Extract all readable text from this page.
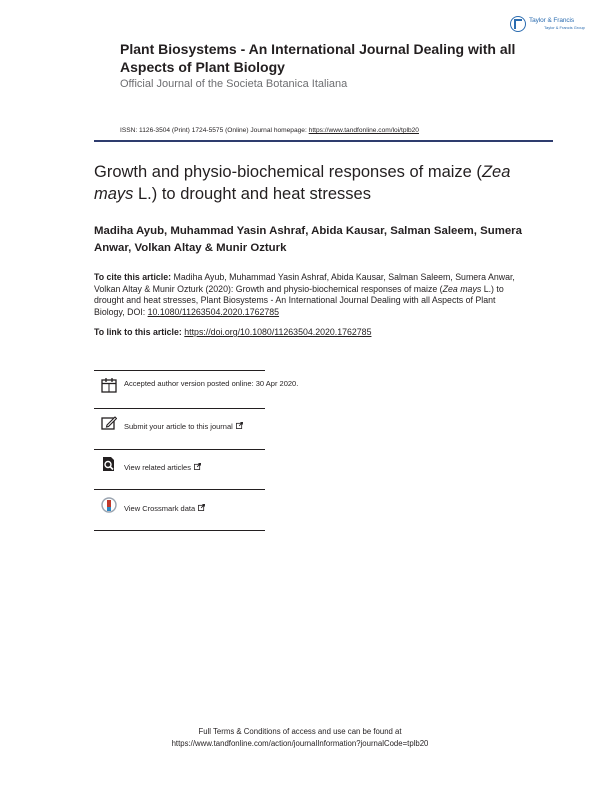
Taylor & Francis
Taylor & Francis Group
Plant Biosystems - An International Journal Dealing with all Aspects of Plant Biology
Official Journal of the Societa Botanica Italiana
ISSN: 1126-3504 (Print) 1724-5575 (Online) Journal homepage: https://www.tandfonline.com/loi/tplb20
Growth and physio-biochemical responses of maize (Zea mays L.) to drought and heat stresses
Madiha Ayub, Muhammad Yasin Ashraf, Abida Kausar, Salman Saleem, Sumera Anwar, Volkan Altay & Munir Ozturk
To cite this article: Madiha Ayub, Muhammad Yasin Ashraf, Abida Kausar, Salman Saleem, Sumera Anwar, Volkan Altay & Munir Ozturk (2020): Growth and physio-biochemical responses of maize (Zea mays L.) to drought and heat stresses, Plant Biosystems - An International Journal Dealing with all Aspects of Plant Biology, DOI: 10.1080/11263504.2020.1762785
To link to this article: https://doi.org/10.1080/11263504.2020.1762785
Accepted author version posted online: 30 Apr 2020.
Submit your article to this journal
View related articles
View Crossmark data
Full Terms & Conditions of access and use can be found at
https://www.tandfonline.com/action/journalInformation?journalCode=tplb20
